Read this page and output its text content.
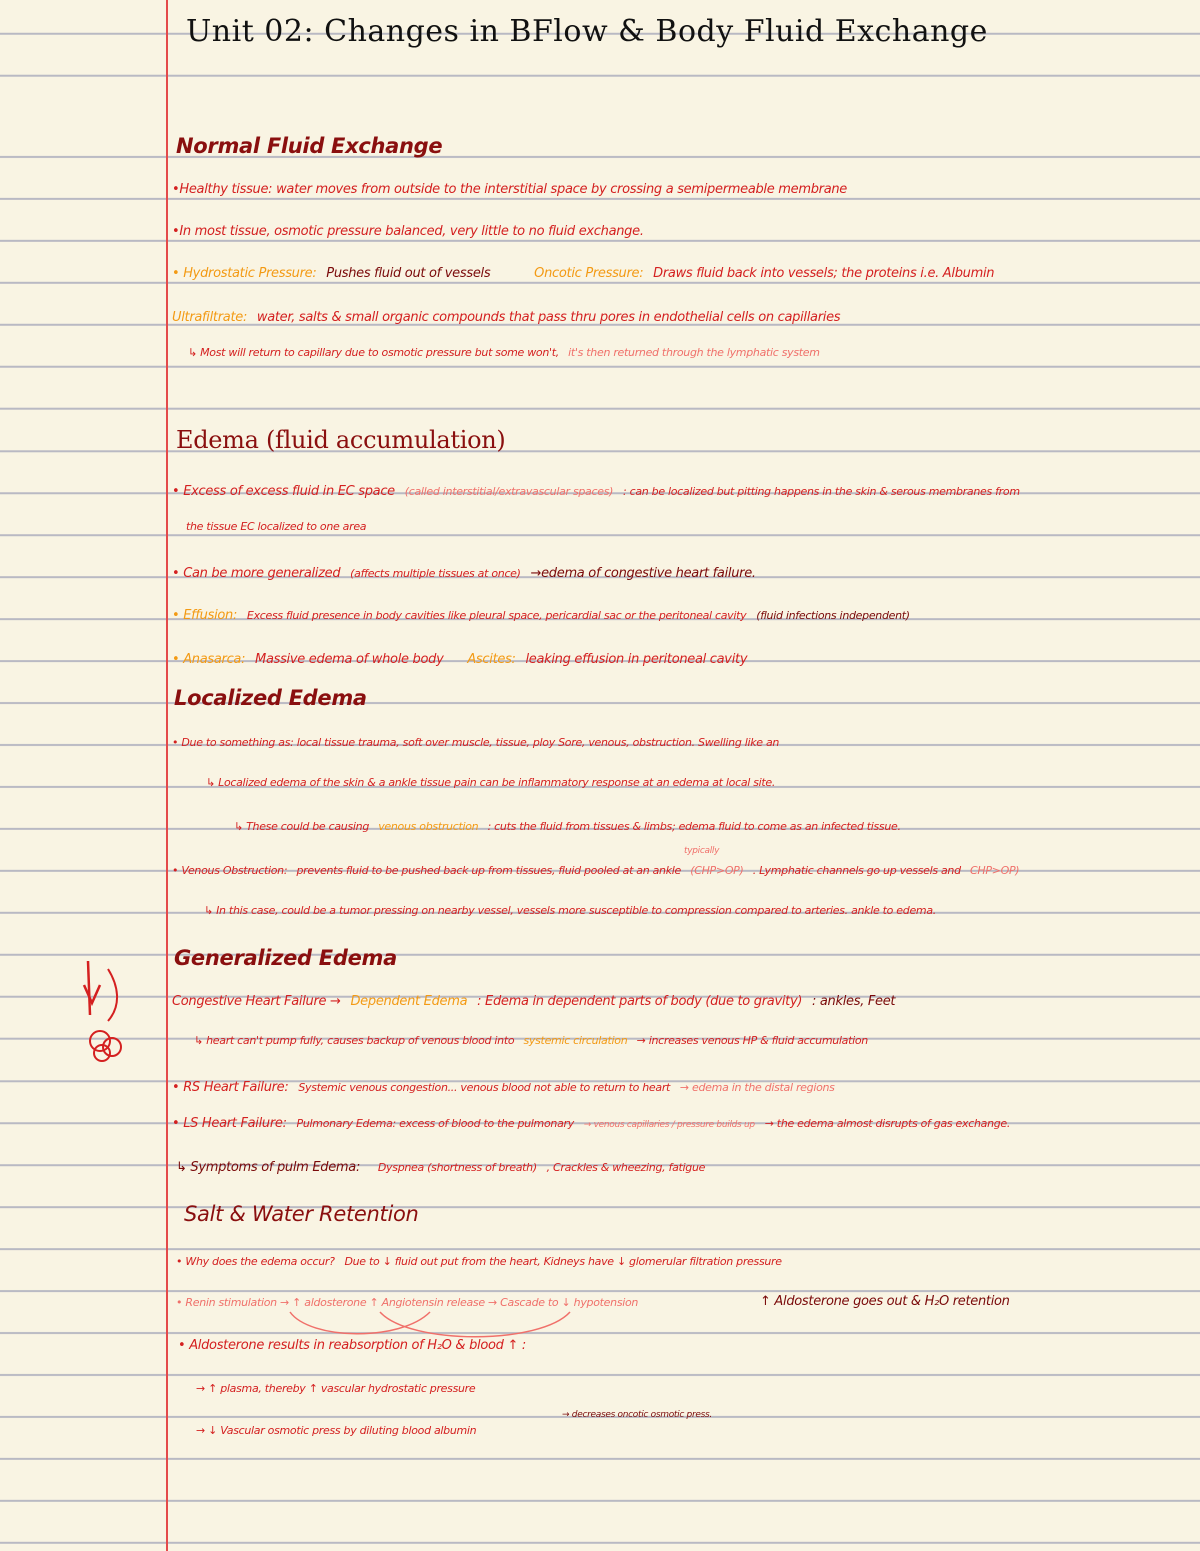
Unit 02: Changes in BFlow & Body Fluid Exchange
Normal Fluid Exchange
•Healthy tissue: water moves from outside to the interstitial space by crossing a semipermeable membrane
•In most tissue, osmotic pressure balanced, very little to no fluid exchange.
• Hydrostatic Pressure: Pushes fluid out of vessels	Oncotic Pressure: Draws fluid back into vessels; the proteins i.e. Albumin
Ultrafiltrate: water, salts & small organic compounds that pass thru pores in endothelial cells on capillaries
↳ Most will return to capillary due to osmotic pressure but some won't, it's then returned through the lymphatic system
Edema (fluid accumulation)
• Excess of excess fluid in EC space (called interstitial/extravascular spaces) : can be localized but pitting happens in the skin & serous membranes from
the tissue EC localized to one area
• Can be more generalized (affects multiple tissues at once) →edema of congestive heart failure.
• Effusion: Excess fluid presence in body cavities like pleural space, pericardial sac or the peritoneal cavity (fluid infections independent)
• Anasarca: Massive edema of whole body Ascites: leaking effusion in peritoneal cavity
Localized Edema
• Due to something as: local tissue trauma, soft over muscle, tissue, ploy Sore, venous, obstruction. Swelling like an
↳ Localized edema of the skin & a ankle tissue pain can be inflammatory response at an edema at local site.
↳ These could be causing venous obstruction : cuts the fluid from tissues & limbs; edema fluid to come as an infected tissue.
typically
• Venous Obstruction: prevents fluid to be pushed back up from tissues, fluid pooled at an ankle (CHP>OP) . Lymphatic channels go up vessels and CHP>OP)
↳ In this case, could be a tumor pressing on nearby vessel, vessels more susceptible to compression compared to arteries. ankle to edema.
Generalized Edema
Congestive Heart Failure → Dependent Edema : Edema in dependent parts of body (due to gravity) : ankles, Feet
↳ heart can't pump fully, causes backup of venous blood into systemic circulation → increases venous HP & fluid accumulation
• RS Heart Failure: Systemic venous congestion... venous blood not able to return to heart → edema in the distal regions
• LS Heart Failure: Pulmonary Edema: excess of blood to the pulmonary → venous capillaries / pressure builds up → the edema almost disrupts of gas exchange.
↳ Symptoms of pulm Edema: Dyspnea (shortness of breath) , Crackles & wheezing, fatigue
Salt & Water Retention
• Why does the edema occur? Due to ↓ fluid out put from the heart, Kidneys have ↓ glomerular filtration pressure
• Renin stimulation → ↑ aldosterone ↑ Angiotensin release → Cascade to ↓ hypotension	↑ Aldosterone goes out & H₂O retention
• Aldosterone results in reabsorption of H₂O & blood ↑ :
→ ↑ plasma, thereby ↑ vascular hydrostatic pressure
→ ↓ Vascular osmotic press by diluting blood albumin
→ decreases oncotic osmotic press.
